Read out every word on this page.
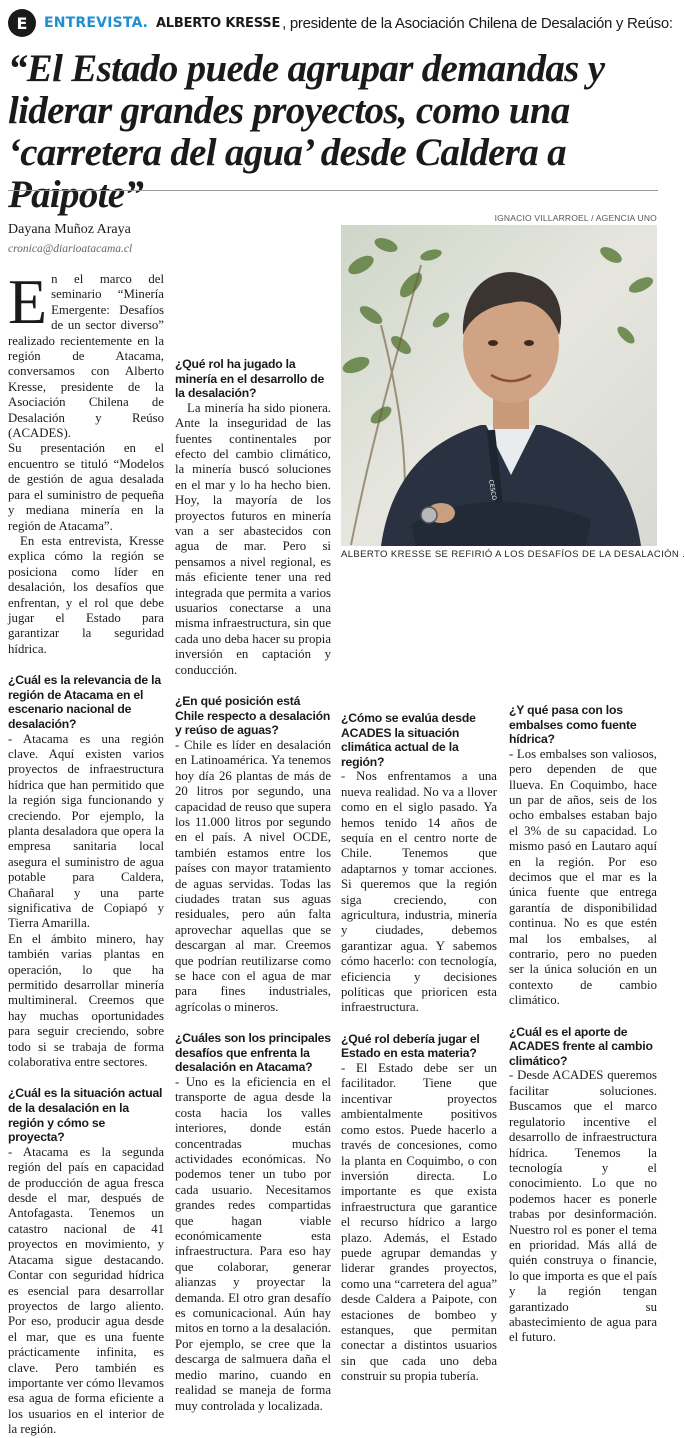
E	ENTREVISTA . ALBERTO KRESSE , presidente de la Asociación Chilena de Desalación y Reúso:
“El Estado puede agrupar demandas y liderar grandes proyectos, como una ‘carretera del agua’ desde Caldera a Paipote”
Dayana Muñoz Araya
cronica@diarioatacama.cl
IGNACIO VILLARROEL / AGENCIA UNO
CESCO
ALBERTO KRESSE SE REFIRIÓ A LOS DESAFÍOS DE LA DESALACIÓN .

En el marco del seminario “Minería Emergente: Desafíos de un sector diverso” realizado recientemente en la región de Atacama, conversamos con Alberto Kresse, presidente de la Asociación Chilena de Desalación y Reúso (ACADES).

Su presentación en el encuentro se tituló “Modelos de gestión de agua desalada para el suministro de pequeña y mediana minería en la región de Atacama”.

En esta entrevista, Kresse explica cómo la región se posiciona como líder en desalación, los desafíos que enfrentan, y el rol que debe jugar el Estado para garantizar la seguridad hídrica.

¿Cuál es la relevancia de la región de Atacama en el escenario nacional de desalación?

- Atacama es una región clave. Aquí existen varios proyectos de infraestructura hídrica que han permitido que la región siga funcionando y creciendo. Por ejemplo, la planta desaladora que opera la empresa sanitaria local asegura el suministro de agua potable para Caldera, Chañaral y una parte significativa de Copiapó y Tierra Amarilla.

En el ámbito minero, hay también varias plantas en operación, lo que ha permitido desarrollar minería multimineral. Creemos que hay muchas oportunidades para seguir creciendo, sobre todo si se trabaja de forma colaborativa entre sectores.

¿Cuál es la situación actual de la desalación en la región y cómo se proyecta?

- Atacama es la segunda región del país en capacidad de producción de agua fresca desde el mar, después de Antofagasta. Tenemos un catastro nacional de 41 proyectos en movimiento, y Atacama sigue destacando. Contar con seguridad hídrica es esencial para desarrollar proyectos de largo aliento. Por eso, producir agua desde el mar, que es una fuente prácticamente infinita, es clave. Pero también es importante ver cómo llevamos esa agua de forma eficiente a los usuarios en el interior de la región.

¿Qué rol ha jugado la minería en el desarrollo de la desalación?

La minería ha sido pionera. Ante la inseguridad de las fuentes continentales por efecto del cambio climático, la minería buscó soluciones en el mar y lo ha hecho bien. Hoy, la mayoría de los proyectos futuros en minería van a ser abastecidos con agua de mar. Pero si pensamos a nivel regional, es más eficiente tener una red integrada que permita a varios usuarios conectarse a una misma infraestructura, sin que cada uno deba hacer su propia inversión en captación y conducción.

¿En qué posición está Chile respecto a desalación y reúso de aguas?

- Chile es líder en desalación en Latinoamérica. Ya tenemos hoy día 26 plantas de más de 20 litros por segundo, una capacidad de reuso que supera los 11.000 litros por segundo en el país. A nivel OCDE, también estamos entre los países con mayor tratamiento de aguas servidas. Todas las ciudades tratan sus aguas residuales, pero aún falta aprovechar aquellas que se descargan al mar. Creemos que podrían reutilizarse como se hace con el agua de mar para fines industriales, agrícolas o mineros.

¿Cuáles son los principales desafíos que enfrenta la desalación en Atacama?

- Uno es la eficiencia en el transporte de agua desde la costa hacia los valles interiores, donde están concentradas muchas actividades económicas. No podemos tener un tubo por cada usuario. Necesitamos grandes redes compartidas que hagan viable económicamente esta infraestructura. Para eso hay que colaborar, generar alianzas y proyectar la demanda. El otro gran desafío es comunicacional. Aún hay mitos en torno a la desalación. Por ejemplo, se cree que la descarga de salmuera daña el medio marino, cuando en realidad se maneja de forma muy controlada y localizada.

¿Cómo se evalúa desde ACADES la situación climática actual de la región?

- Nos enfrentamos a una nueva realidad. No va a llover como en el siglo pasado. Ya hemos tenido 14 años de sequía en el centro norte de Chile. Tenemos que adaptarnos y tomar acciones. Si queremos que la región siga creciendo, con agricultura, industria, minería y ciudades, debemos garantizar agua. Y sabemos cómo hacerlo: con tecnología, eficiencia y decisiones políticas que prioricen esta infraestructura.

¿Qué rol debería jugar el Estado en esta materia?

- El Estado debe ser un facilitador. Tiene que incentivar proyectos ambientalmente positivos como estos. Puede hacerlo a través de concesiones, como la planta en Coquimbo, o con inversión directa. Lo importante es que exista infraestructura que garantice el recurso hídrico a largo plazo. Además, el Estado puede agrupar demandas y liderar grandes proyectos, como una “carretera del agua” desde Caldera a Paipote, con estaciones de bombeo y estanques, que permitan conectar a distintos usuarios sin que cada uno deba construir su propia tubería.

¿Y qué pasa con los embalses como fuente hídrica?

- Los embalses son valiosos, pero dependen de que llueva. En Coquimbo, hace un par de años, seis de los ocho embalses estaban bajo el 3% de su capacidad. Lo mismo pasó en Lautaro aquí en la región. Por eso decimos que el mar es la única fuente que entrega garantía de disponibilidad continua. No es que estén mal los embalses, al contrario, pero no pueden ser la única solución en un contexto de cambio climático.

¿Cuál es el aporte de ACADES frente al cambio climático?

- Desde ACADES queremos facilitar soluciones. Buscamos que el marco regulatorio incentive el desarrollo de infraestructura hídrica. Tenemos la tecnología y el conocimiento. Lo que no podemos hacer es ponerle trabas por desinformación. Nuestro rol es poner el tema en prioridad. Más allá de quién construya o financie, lo que importa es que el país y la región tengan garantizado su abastecimiento de agua para el futuro.
